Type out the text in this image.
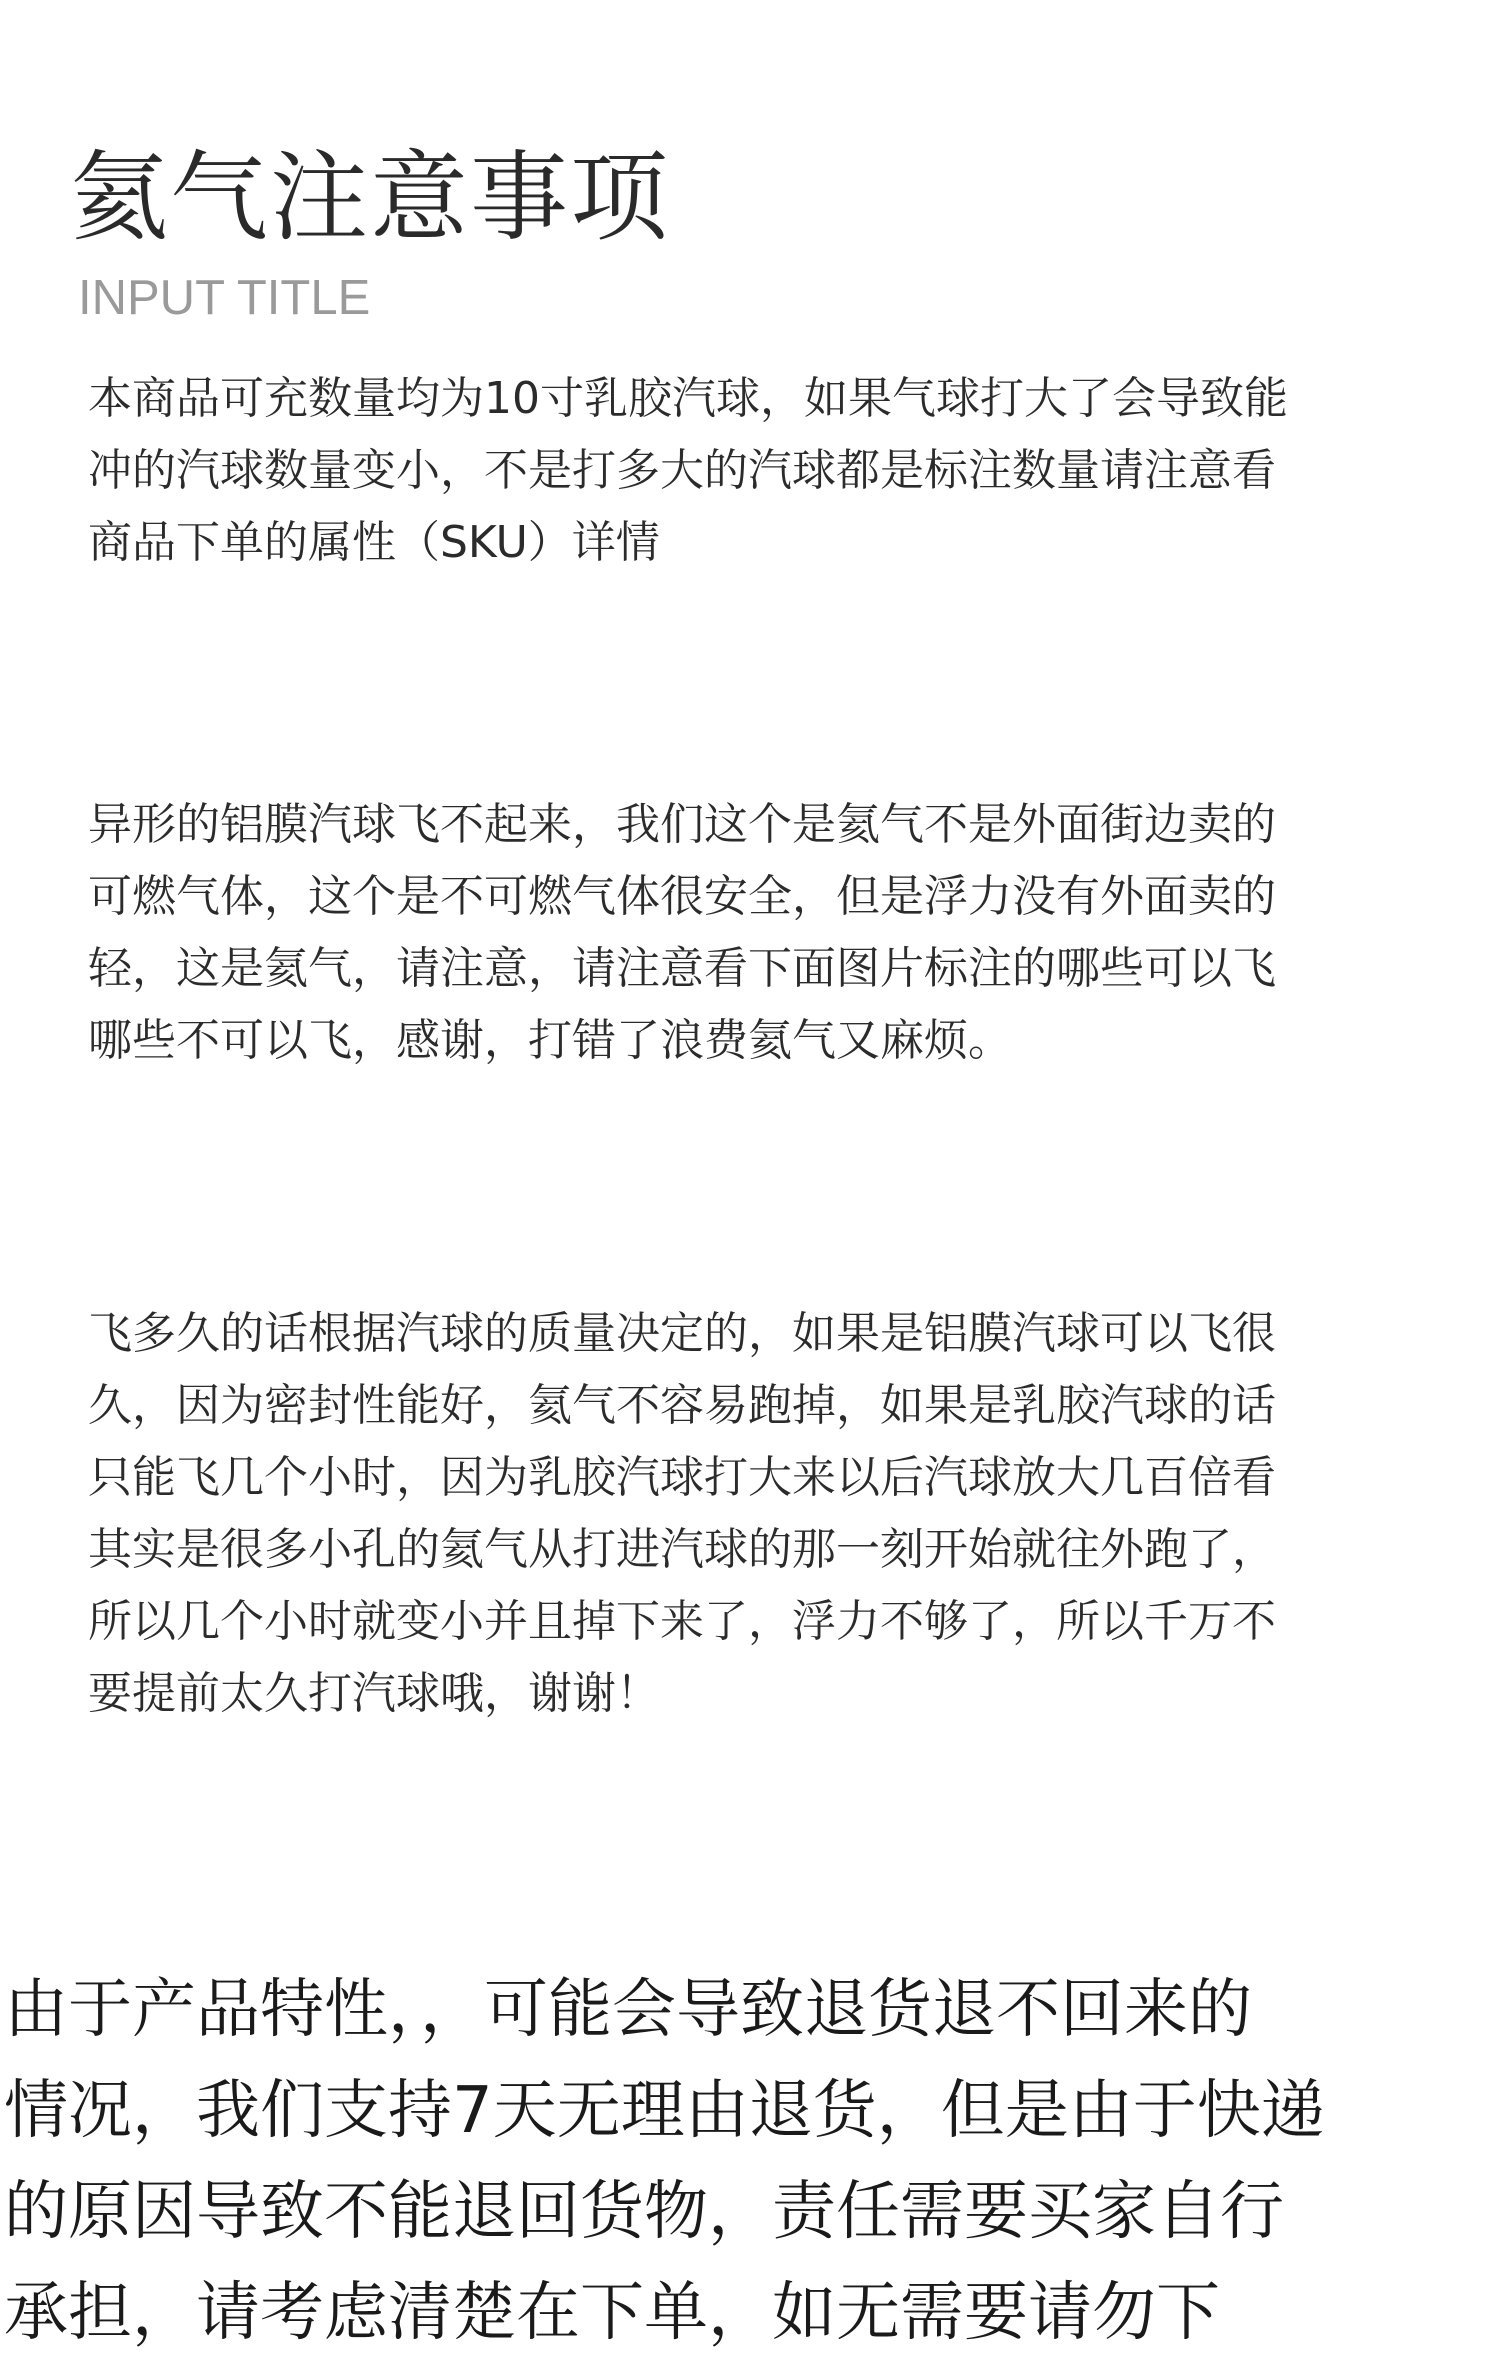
氦气注意事项

INPUT TITLE

本商品可充数量均为10寸乳胶汽球，如果气球打大了会导致能
冲的汽球数量变小，不是打多大的汽球都是标注数量请注意看
商品下单的属性（SKU）详情

异形的铝膜汽球飞不起来，我们这个是氦气不是外面街边卖的
可燃气体，这个是不可燃气体很安全，但是浮力没有外面卖的
轻，这是氦气，请注意，请注意看下面图片标注的哪些可以飞
哪些不可以飞，感谢，打错了浪费氦气又麻烦。

飞多久的话根据汽球的质量决定的，如果是铝膜汽球可以飞很
久，因为密封性能好，氦气不容易跑掉，如果是乳胶汽球的话
只能飞几个小时，因为乳胶汽球打大来以后汽球放大几百倍看
其实是很多小孔的氦气从打进汽球的那一刻开始就往外跑了，
所以几个小时就变小并且掉下来了，浮力不够了，所以千万不
要提前太久打汽球哦，谢谢！

由于产品特性，，可能会导致退货退不回来的
情况，我们支持7天无理由退货，但是由于快递
的原因导致不能退回货物，责任需要买家自行
承担，请考虑清楚在下单，如无需要请勿下
